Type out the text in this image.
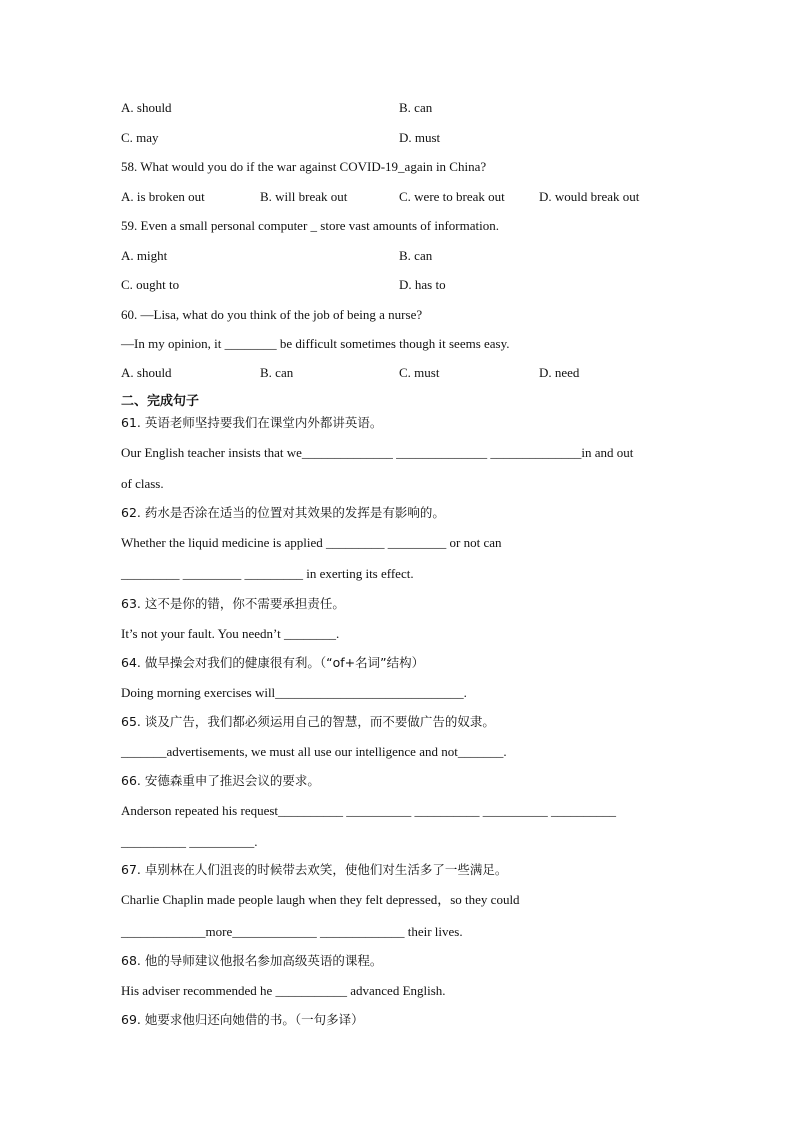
A. should	B. can
C. may	D. must
58. What would you do if the war against COVID-19_again in China?
A. is broken out	B. will break out	C. were to break out	D. would break out
59. Even a small personal computer _ store vast amounts of information.
A. might	B. can
C. ought to	D. has to
60. —Lisa, what do you think of the job of being a nurse?
—In my opinion, it ________ be difficult sometimes though it seems easy.
A. should	B. can	C. must	D. need
二、完成句子
61. 英语老师坚持要我们在课堂内外都讲英语。
Our English teacher insists that we______________ ______________ ______________in and out
of class.
62. 药水是否涂在适当的位置对其效果的发挥是有影响的。
Whether the liquid medicine is applied _________ _________ or not can
_________ _________ _________ in exerting its effect.
63. 这不是你的错，你不需要承担责任。
It’s not your fault. You needn’t ________.
64. 做早操会对我们的健康很有利。（“of+名词”结构）
Doing morning exercises will_____________________________.
65. 谈及广告，我们都必须运用自己的智慧，而不要做广告的奴隶。
_______advertisements, we must all use our intelligence and not_______.
66. 安德森重申了推迟会议的要求。
Anderson repeated his request__________ __________ __________ __________ __________
__________ __________.
67. 卓别林在人们沮丧的时候带去欢笑，使他们对生活多了一些满足。
Charlie Chaplin made people laugh when they felt depressed，so they could
_____________more_____________ _____________ their lives.
68. 他的导师建议他报名参加高级英语的课程。
His adviser recommended he ___________ advanced English.
69. 她要求他归还向她借的书。（一句多译）
